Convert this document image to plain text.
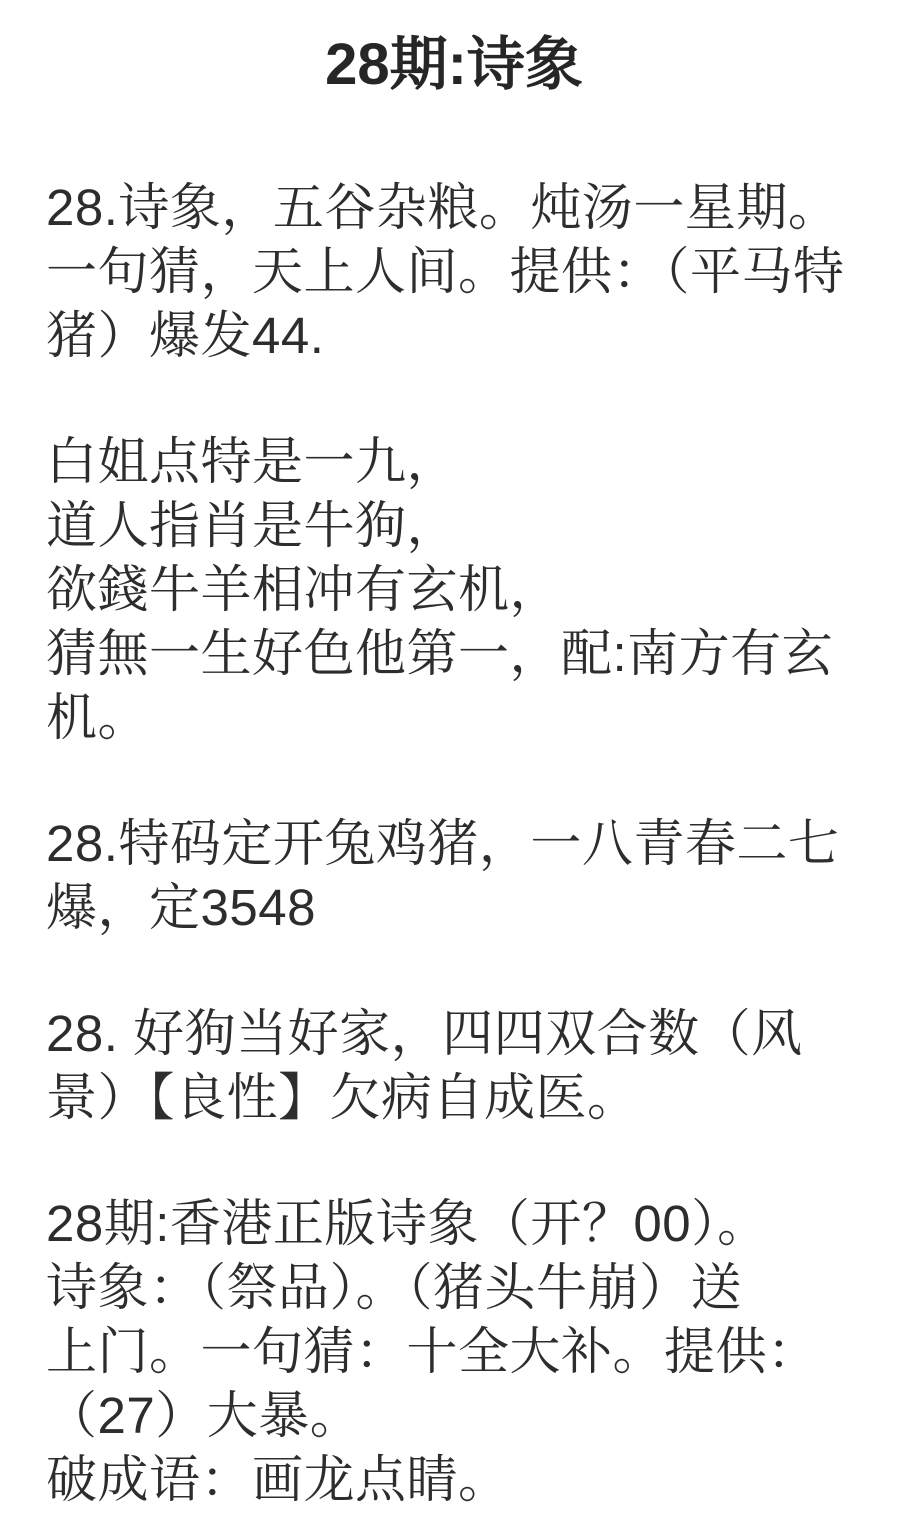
28期:诗象

28.诗象，五谷杂粮。炖汤一星期。
一句猜，天上人间。提供：（平马特
猪）爆发44.

白姐点特是一九，
道人指肖是牛狗，
欲錢牛羊相冲有玄机，
猜無一生好色他第一，配:南方有玄
机。

28.特码定开兔鸡猪，一八青春二七
爆，定3548

28. 好狗当好家，四四双合数（风
景）【良性】欠病自成医。

28期:香港正版诗象（开？00）。
诗象：（祭品）。（猪头牛崩）送
上门。一句猜：十全大补。提供：
（27）大暴。
破成语：画龙点睛。
